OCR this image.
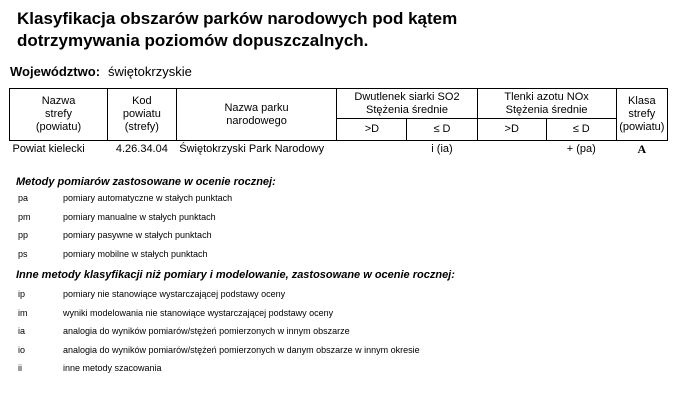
Klasyfikacja obszarów parków narodowych pod kątem
dotrzymywania poziomów dopuszczalnych.
Województwo: świętokrzyskie
Nazwa
strefy
(powiatu)	Kod
powiatu
(strefy)	Nazwa parku
narodowego	Dwutlenek siarki SO2
Stężenia średnie		Tlenki azotu NOx
Stężenia średnie		Klasa
strefy
(powiatu)
			>D	≤ D	>D	≤ D	
Powiat kielecki	4.26.34.04	Świętokrzyski Park Narodowy		i (ia)		+ (pa)	A
Metody pomiarów zastosowane w ocenie rocznej:
pa	pomiary automatyczne w stałych punktach
pm	pomiary manualne w stałych punktach
pp	pomiary pasywne w stałych punktach
ps	pomiary mobilne w stałych punktach
Inne metody klasyfikacji niż pomiary i modelowanie, zastosowane w ocenie rocznej:
ip	pomiary nie stanowiące wystarczającej podstawy oceny
im	wyniki modelowania nie stanowiące wystarczającej podstawy oceny
ia	analogia do wyników pomiarów/stężeń pomierzonych w innym obszarze
io	analogia do wyników pomiarów/stężeń pomierzonych w danym obszarze w innym okresie
ii	inne metody szacowania
